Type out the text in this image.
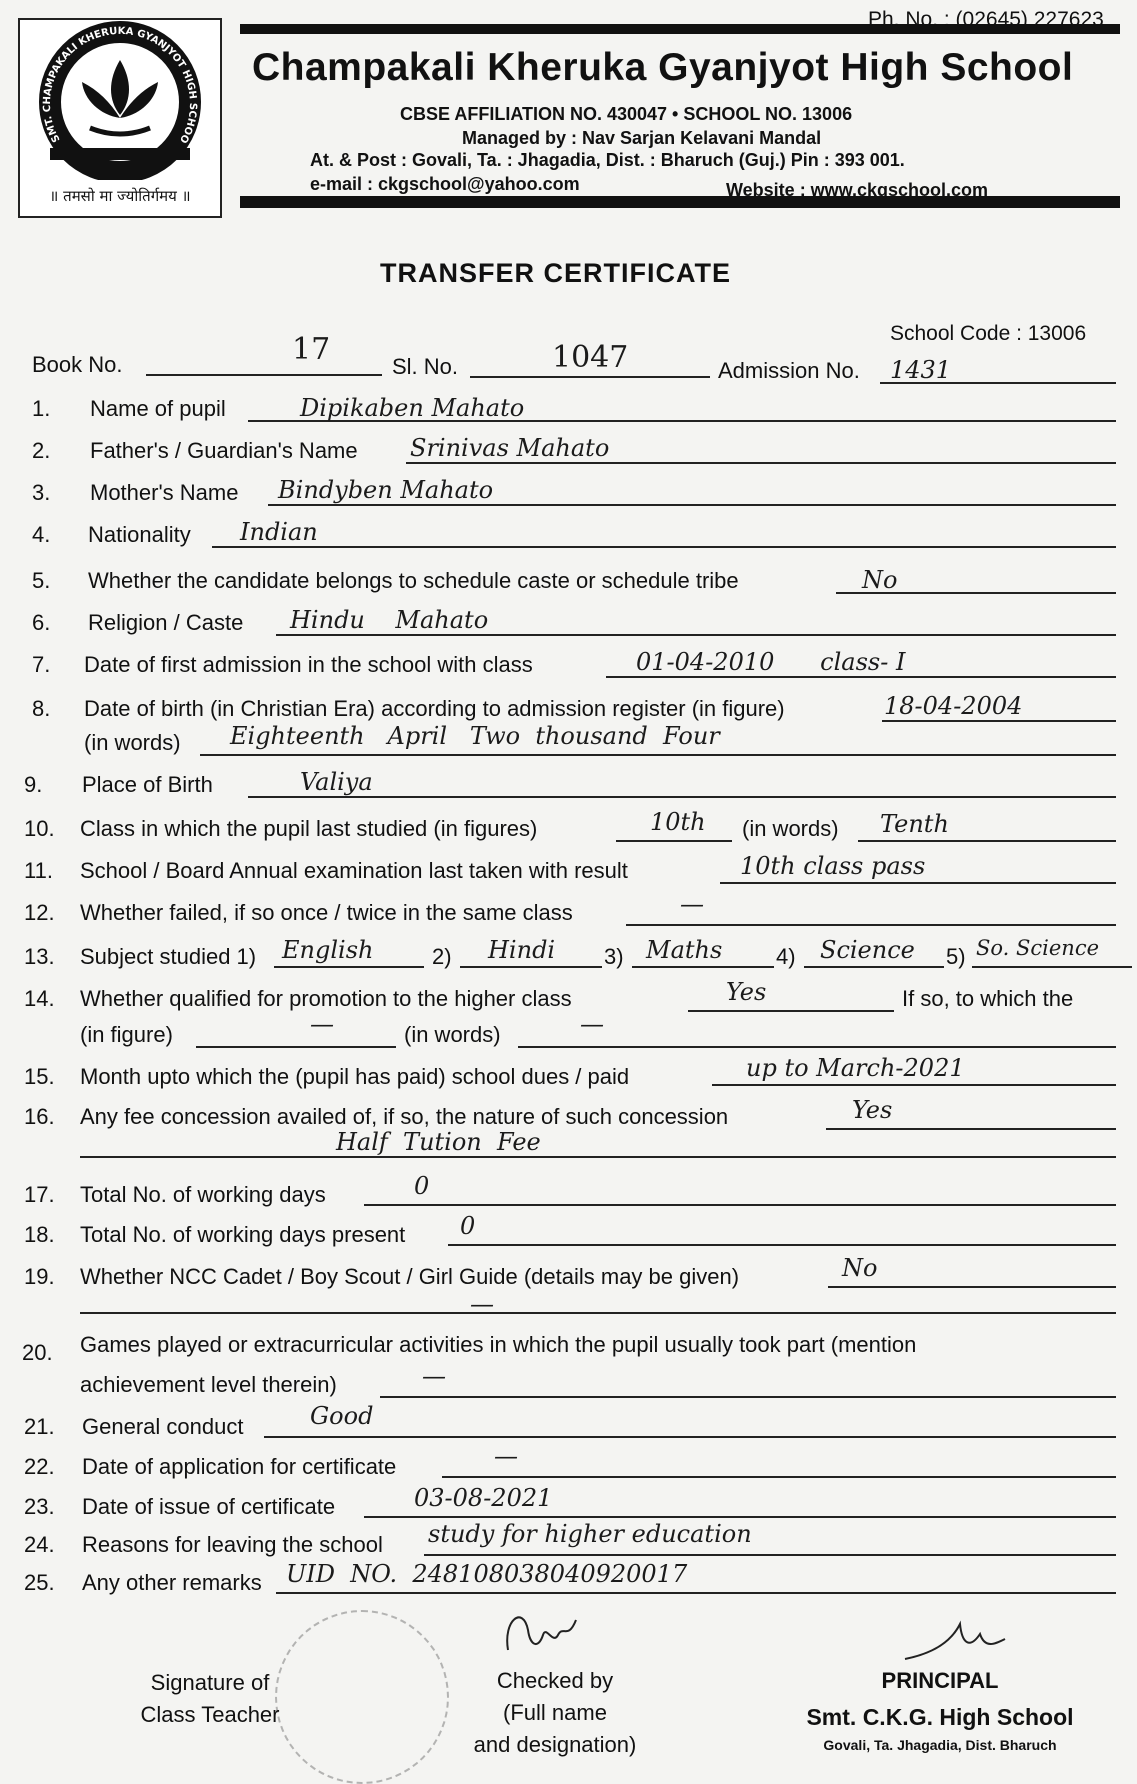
SMT. CHAMPAKALI KHERUKA GYANJYOT HIGH SCHOO
॥ तमसो मा ज्योतिर्गमय ॥
Ph. No. : (02645) 227623
Champakali Kheruka Gyanjyot High School
CBSE AFFILIATION NO. 430047 • SCHOOL NO. 13006
Managed by : Nav Sarjan Kelavani Mandal
At. & Post : Govali, Ta. : Jhagadia, Dist. : Bharuch (Guj.) Pin : 393 001.
e-mail : ckgschool@yahoo.com	Website : www.ckgschool.com
TRANSFER CERTIFICATE
School Code : 13006
Book No.	17	Sl. No.	1047	Admission No. 1431
1. Name of pupil	Dipikaben Mahato
2. Father's / Guardian's Name Srinivas Mahato
3. Mother's Name Bindyben Mahato
4. Nationality Indian
5. Whether the candidate belongs to schedule caste or schedule tribe	No
6. Religion / Caste Hindu    Mahato
7. Date of first admission in the school with class	01-04-2010      class- I
8. Date of birth (in Christian Era) according to admission register (in figure)	18-04-2004
(in words) Eighteenth   April   Two  thousand  Four
9. Place of Birth	Valiya
10. Class in which the pupil last studied (in figures)	10th (in words) Tenth
11. School / Board Annual examination last taken with result	10th class pass
12. Whether failed, if so once / twice in the same class	—
13. Subject studied 1) English	2) Hindi 3) Maths 4) Science 5) So. Science
14. Whether qualified for promotion to the higher class	Yes	If so, to which the
(in figure)	—	(in words)	—
15. Month upto which the (pupil has paid) school dues / paid	up to March-2021
16. Any fee concession availed of, if so, the nature of such concession	Yes
Half  Tution  Fee
17. Total No. of working days	0
18. Total No. of working days present 0
19. Whether NCC Cadet / Boy Scout / Girl Guide (details may be given)	No
—
20. Games played or extracurricular activities in which the pupil usually took part (mention
achievement level therein)	—
21. General conduct	Good
22. Date of application for certificate	—
23. Date of issue of certificate	03-08-2021
24. Reasons for leaving the school study for higher education
25. Any other remarks UID  NO.  248108038040920017
Signature of
Class Teacher
Checked by
(Full name
and designation)
PRINCIPAL
Smt. C.K.G. High School
Govali, Ta. Jhagadia, Dist. Bharuch
